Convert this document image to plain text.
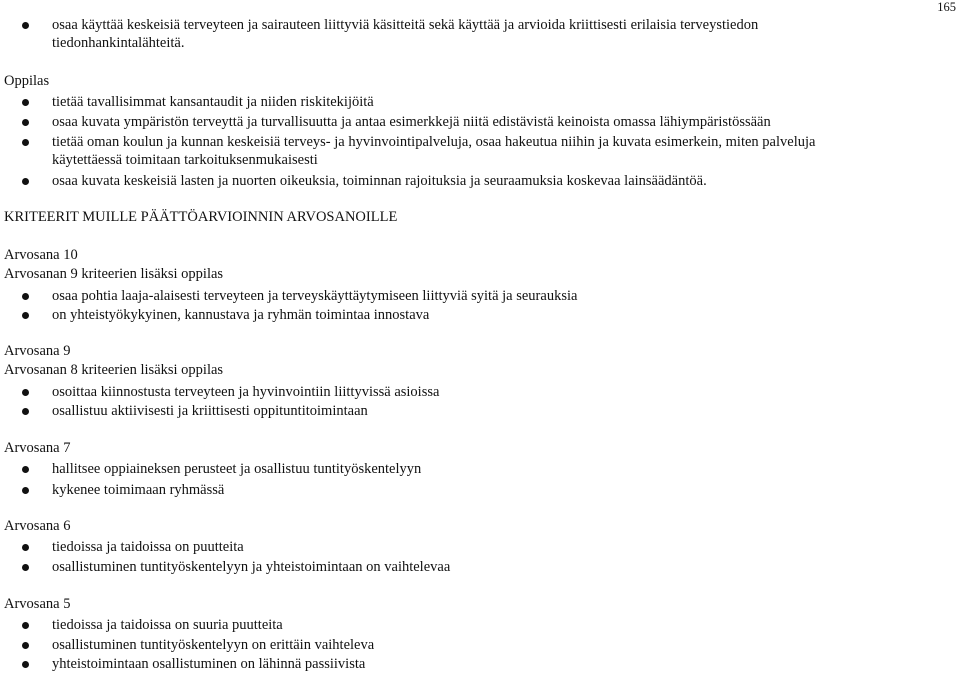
165
osaa käyttää keskeisiä terveyteen ja sairauteen liittyviä käsitteitä sekä käyttää ja arvioida kriittisesti erilaisia terveystiedon
tiedonhankintalähteitä.
Oppilas
tietää tavallisimmat kansantaudit ja niiden riskitekijöitä
osaa kuvata ympäristön terveyttä ja turvallisuutta ja antaa esimerkkejä niitä edistävistä keinoista omassa lähiympäristössään
tietää oman koulun ja kunnan keskeisiä terveys- ja hyvinvointipalveluja, osaa hakeutua niihin ja kuvata esimerkein, miten palveluja
käytettäessä toimitaan tarkoituksenmukaisesti
osaa kuvata keskeisiä lasten ja nuorten oikeuksia, toiminnan rajoituksia ja seuraamuksia koskevaa lainsäädäntöä.
KRITEERIT MUILLE PÄÄTTÖARVIOINNIN ARVOSANOILLE
Arvosana 10
Arvosanan 9 kriteerien lisäksi oppilas
osaa pohtia laaja-alaisesti terveyteen ja terveyskäyttäytymiseen liittyviä syitä ja seurauksia
on yhteistyökykyinen, kannustava ja ryhmän toimintaa innostava
Arvosana 9
Arvosanan 8 kriteerien lisäksi oppilas
osoittaa kiinnostusta terveyteen ja hyvinvointiin liittyvissä asioissa
osallistuu aktiivisesti ja kriittisesti oppituntitoimintaan
Arvosana 7
hallitsee oppiaineksen perusteet ja osallistuu tuntityöskentelyyn
kykenee toimimaan ryhmässä
Arvosana 6
tiedoissa ja taidoissa on puutteita
osallistuminen tuntityöskentelyyn ja yhteistoimintaan on vaihtelevaa
Arvosana 5
tiedoissa ja taidoissa on suuria puutteita
osallistuminen tuntityöskentelyyn on erittäin vaihteleva
yhteistoimintaan osallistuminen on lähinnä passiivista
